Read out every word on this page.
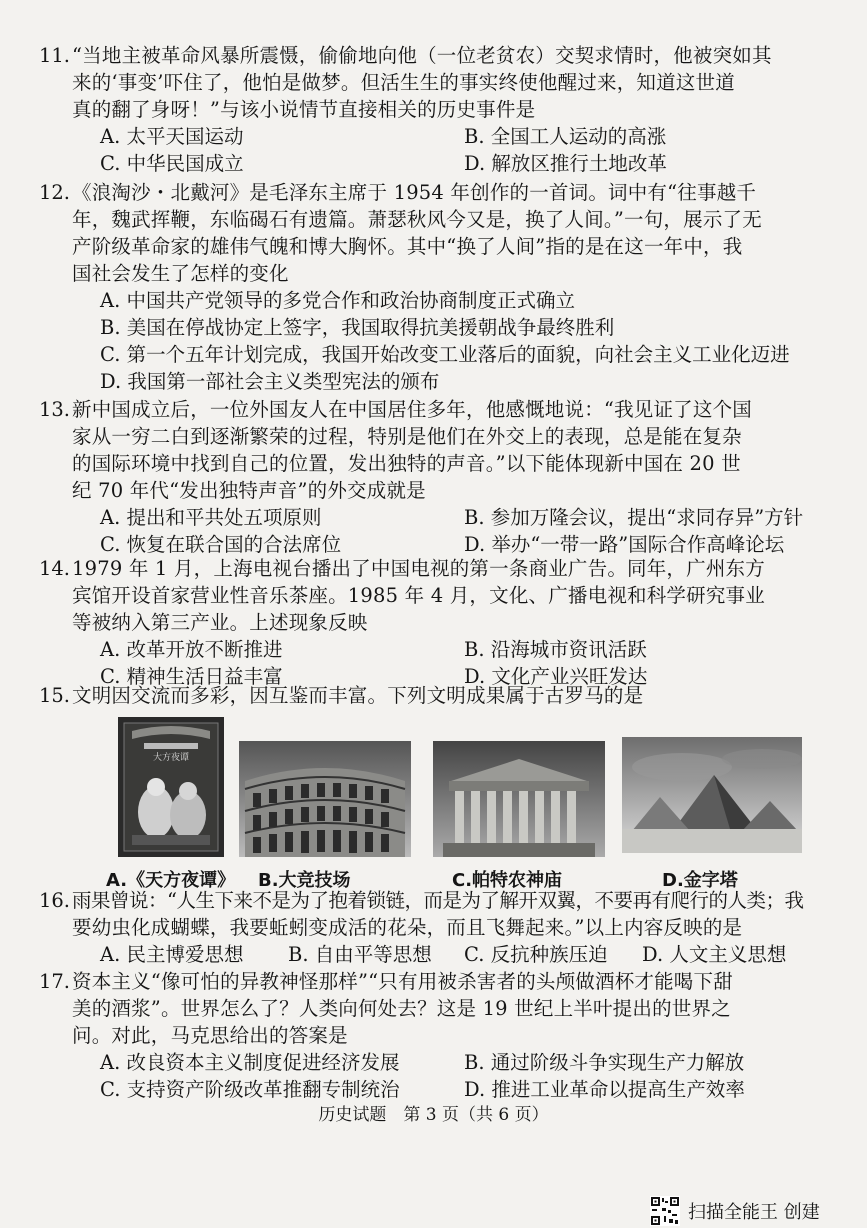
11. “当地主被革命风暴所震慑，偷偷地向他（一位老贫农）交契求情时，他被突如其
来的‘事变’吓住了，他怕是做梦。但活生生的事实终使他醒过来，知道这世道
真的翻了身呀！”与该小说情节直接相关的历史事件是
A. 太平天国运动	B. 全国工人运动的高涨
C. 中华民国成立	D. 解放区推行土地改革
12. 《浪淘沙・北戴河》是毛泽东主席于 1954 年创作的一首词。词中有“往事越千
年，魏武挥鞭，东临碣石有遗篇。萧瑟秋风今又是，换了人间。”一句，展示了无
产阶级革命家的雄伟气魄和博大胸怀。其中“换了人间”指的是在这一年中，我
国社会发生了怎样的变化
A. 中国共产党领导的多党合作和政治协商制度正式确立
B. 美国在停战协定上签字，我国取得抗美援朝战争最终胜利
C. 第一个五年计划完成，我国开始改变工业落后的面貌，向社会主义工业化迈进
D. 我国第一部社会主义类型宪法的颁布
13. 新中国成立后，一位外国友人在中国居住多年，他感慨地说：“我见证了这个国
家从一穷二白到逐渐繁荣的过程，特别是他们在外交上的表现，总是能在复杂
的国际环境中找到自己的位置，发出独特的声音。”以下能体现新中国在 20 世
纪 70 年代“发出独特声音”的外交成就是
A. 提出和平共处五项原则	B. 参加万隆会议，提出“求同存异”方针
C. 恢复在联合国的合法席位	D. 举办“一带一路”国际合作高峰论坛
14. 1979 年 1 月，上海电视台播出了中国电视的第一条商业广告。同年，广州东方
宾馆开设首家营业性音乐茶座。1985 年 4 月，文化、广播电视和科学研究事业
等被纳入第三产业。上述现象反映
A. 改革开放不断推进	B. 沿海城市资讯活跃
C. 精神生活日益丰富	D. 文化产业兴旺发达
15. 文明因交流而多彩，因互鉴而丰富。下列文明成果属于古罗马的是
大方夜谭
A.《天方夜谭》 B.大竞技场	C.帕特农神庙	D.金字塔
16. 雨果曾说：“人生下来不是为了抱着锁链，而是为了解开双翼，不要再有爬行的人类；我
要幼虫化成蝴蝶，我要蚯蚓变成活的花朵，而且飞舞起来。”以上内容反映的是
A. 民主博爱思想 B. 自由平等思想 C. 反抗种族压迫 D. 人文主义思想
17. 资本主义“像可怕的异教神怪那样”“只有用被杀害者的头颅做酒杯才能喝下甜
美的酒浆”。世界怎么了？人类向何处去？这是 19 世纪上半叶提出的世界之
问。对此，马克思给出的答案是
A. 改良资本主义制度促进经济发展	B. 通过阶级斗争实现生产力解放
C. 支持资产阶级改革推翻专制统治	D. 推进工业革命以提高生产效率
历史试题　第 3 页（共 6 页）
扫描全能王 创建
